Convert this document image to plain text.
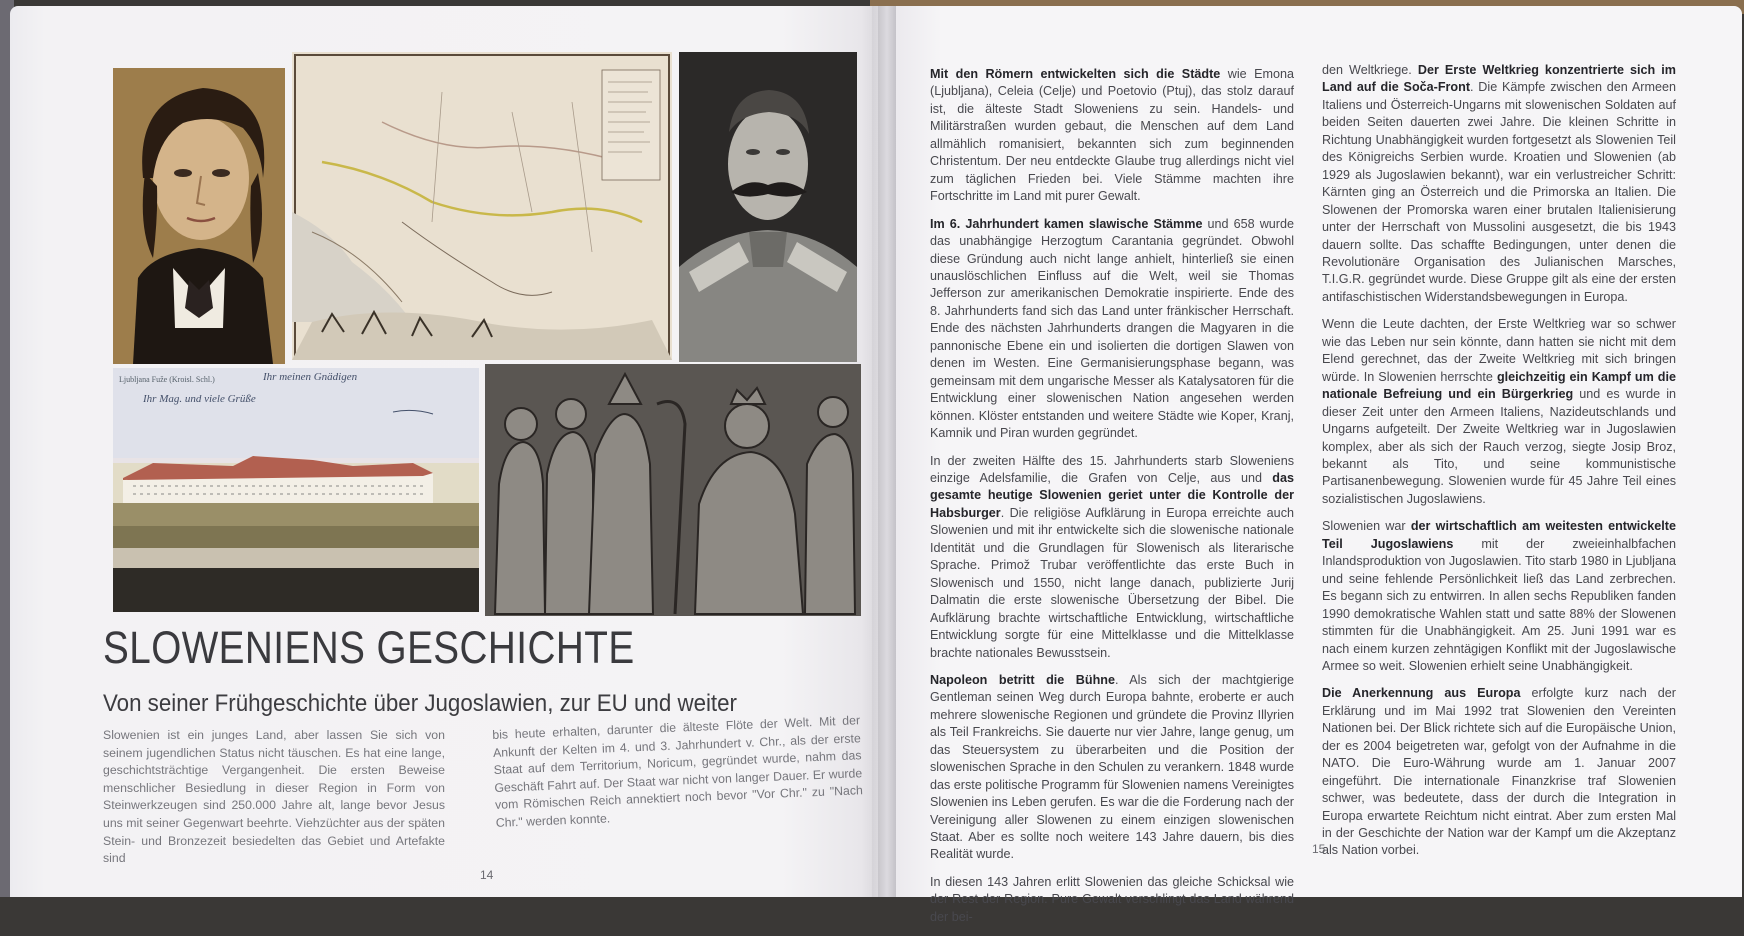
Ljubljana Fuže (Kroisl. Schl.)	Ihr meinen Gnädigen
Ihr Mag. und viele Grüße
SLOWENIENS GESCHICHTE
Von seiner Frühgeschichte über Jugoslawien, zur EU und weiter

Slowenien ist ein junges Land, aber lassen Sie sich von seinem jugendlichen Status nicht täuschen. Es hat eine lange, geschichtsträchtige Vergangenheit. Die ersten Beweise menschlicher Besiedlung in dieser Region in Form von Steinwerkzeugen sind 250.000 Jahre alt, lange bevor Jesus uns mit seiner Gegenwart beehrte. Viehzüchter aus der späten Stein- und Bronzezeit besiedelten das Gebiet und Artefakte sind

bis heute erhalten, darunter die älteste Flöte der Welt. Mit der Ankunft der Kelten im 4. und 3. Jahrhundert v. Chr., als der erste Staat auf dem Territorium, Noricum, gegründet wurde, nahm das Geschäft Fahrt auf. Der Staat war nicht von langer Dauer. Er wurde vom Römischen Reich annektiert noch bevor "Vor Chr." zu "Nach Chr." werden konnte.

14

Mit den Römern entwickelten sich die Städte wie Emona (Ljubljana), Celeia (Celje) und Poetovio (Ptuj), das stolz darauf ist, die älteste Stadt Sloweniens zu sein. Handels- und Militärstraßen wurden gebaut, die Menschen auf dem Land allmählich romanisiert, bekannten sich zum beginnenden Christentum. Der neu entdeckte Glaube trug allerdings nicht viel zum täglichen Frieden bei. Viele Stämme machten ihre Fortschritte im Land mit purer Gewalt.

Im 6. Jahrhundert kamen slawische Stämme und 658 wurde das unabhängige Herzogtum Carantania gegründet. Obwohl diese Gründung auch nicht lange anhielt, hinterließ sie einen unauslöschlichen Einfluss auf die Welt, weil sie Thomas Jefferson zur amerikanischen Demokratie inspirierte. Ende des 8. Jahrhunderts fand sich das Land unter fränkischer Herrschaft. Ende des nächsten Jahrhunderts drangen die Magyaren in die pannonische Ebene ein und isolierten die dortigen Slawen von denen im Westen. Eine Germanisierungsphase begann, was gemeinsam mit dem ungarische Messer als Katalysatoren für die Entwicklung einer slowenischen Nation angesehen werden können. Klöster entstanden und weitere Städte wie Koper, Kranj, Kamnik und Piran wurden gegründet.

In der zweiten Hälfte des 15. Jahrhunderts starb Sloweniens einzige Adelsfamilie, die Grafen von Celje, aus und das gesamte heutige Slowenien geriet unter die Kontrolle der Habsburger. Die religiöse Aufklärung in Europa erreichte auch Slowenien und mit ihr entwickelte sich die slowenische nationale Identität und die Grundlagen für Slowenisch als literarische Sprache. Primož Trubar veröffentlichte das erste Buch in Slowenisch und 1550, nicht lange danach, publizierte Jurij Dalmatin die erste slowenische Übersetzung der Bibel. Die Aufklärung brachte wirtschaftliche Entwicklung, wirtschaftliche Entwicklung sorgte für eine Mittelklasse und die Mittelklasse brachte nationales Bewusstsein.

Napoleon betritt die Bühne. Als sich der machtgierige Gentleman seinen Weg durch Europa bahnte, eroberte er auch mehrere slowenische Regionen und gründete die Provinz Illyrien als Teil Frankreichs. Sie dauerte nur vier Jahre, lange genug, um das Steuersystem zu überarbeiten und die Position der slowenischen Sprache in den Schulen zu verankern. 1848 wurde das erste politische Programm für Slowenien namens Vereinigtes Slowenien ins Leben gerufen. Es war die die Forderung nach der Vereinigung aller Slowenen zu einem einzigen slowenischen Staat. Aber es sollte noch weitere 143 Jahre dauern, bis dies Realität wurde.

In diesen 143 Jahren erlitt Slowenien das gleiche Schicksal wie der Rest der Region. Pure Gewalt verschlingt das Land während der bei-

den Weltkriege. Der Erste Weltkrieg konzentrierte sich im Land auf die Soča-Front. Die Kämpfe zwischen den Armeen Italiens und Österreich-Ungarns mit slowenischen Soldaten auf beiden Seiten dauerten zwei Jahre. Die kleinen Schritte in Richtung Unabhängigkeit wurden fortgesetzt als Slowenien Teil des Königreichs Serbien wurde. Kroatien und Slowenien (ab 1929 als Jugoslawien bekannt), war ein verlustreicher Schritt: Kärnten ging an Österreich und die Primorska an Italien. Die Slowenen der Promorska waren einer brutalen Italienisierung unter der Herrschaft von Mussolini ausgesetzt, die bis 1943 dauern sollte. Das schaffte Bedingungen, unter denen die Revolutionäre Organisation des Julianischen Marsches, T.I.G.R. gegründet wurde. Diese Gruppe gilt als eine der ersten antifaschistischen Widerstandsbewegungen in Europa.

Wenn die Leute dachten, der Erste Weltkrieg war so schwer wie das Leben nur sein könnte, dann hatten sie nicht mit dem Elend gerechnet, das der Zweite Weltkrieg mit sich bringen würde. In Slowenien herrschte gleichzeitig ein Kampf um die nationale Befreiung und ein Bürgerkrieg und es wurde in dieser Zeit unter den Armeen Italiens, Nazideutschlands und Ungarns aufgeteilt. Der Zweite Weltkrieg war in Jugoslawien komplex, aber als sich der Rauch verzog, siegte Josip Broz, bekannt als Tito, und seine kommunistische Partisanenbewegung. Slowenien wurde für 45 Jahre Teil eines sozialistischen Jugoslawiens.

Slowenien war der wirtschaftlich am weitesten entwickelte Teil Jugoslawiens mit der zweieinhalbfachen Inlandsproduktion von Jugoslawien. Tito starb 1980 in Ljubljana und seine fehlende Persönlichkeit ließ das Land zerbrechen. Es begann sich zu entwirren. In allen sechs Republiken fanden 1990 demokratische Wahlen statt und satte 88% der Slowenen stimmten für die Unabhängigkeit. Am 25. Juni 1991 war es nach einem kurzen zehntägigen Konflikt mit der Jugoslawische Armee so weit. Slowenien erhielt seine Unabhängigkeit.

Die Anerkennung aus Europa erfolgte kurz nach der Erklärung und im Mai 1992 trat Slowenien den Vereinten Nationen bei. Der Blick richtete sich auf die Europäische Union, der es 2004 beigetreten war, gefolgt von der Aufnahme in die NATO. Die Euro-Währung wurde am 1. Januar 2007 eingeführt. Die internationale Finanzkrise traf Slowenien schwer, was bedeutete, dass der durch die Integration in Europa erwartete Reichtum nicht eintrat. Aber zum ersten Mal in der Geschichte der Nation war der Kampf um die Akzeptanz als Nation vorbei.

15
